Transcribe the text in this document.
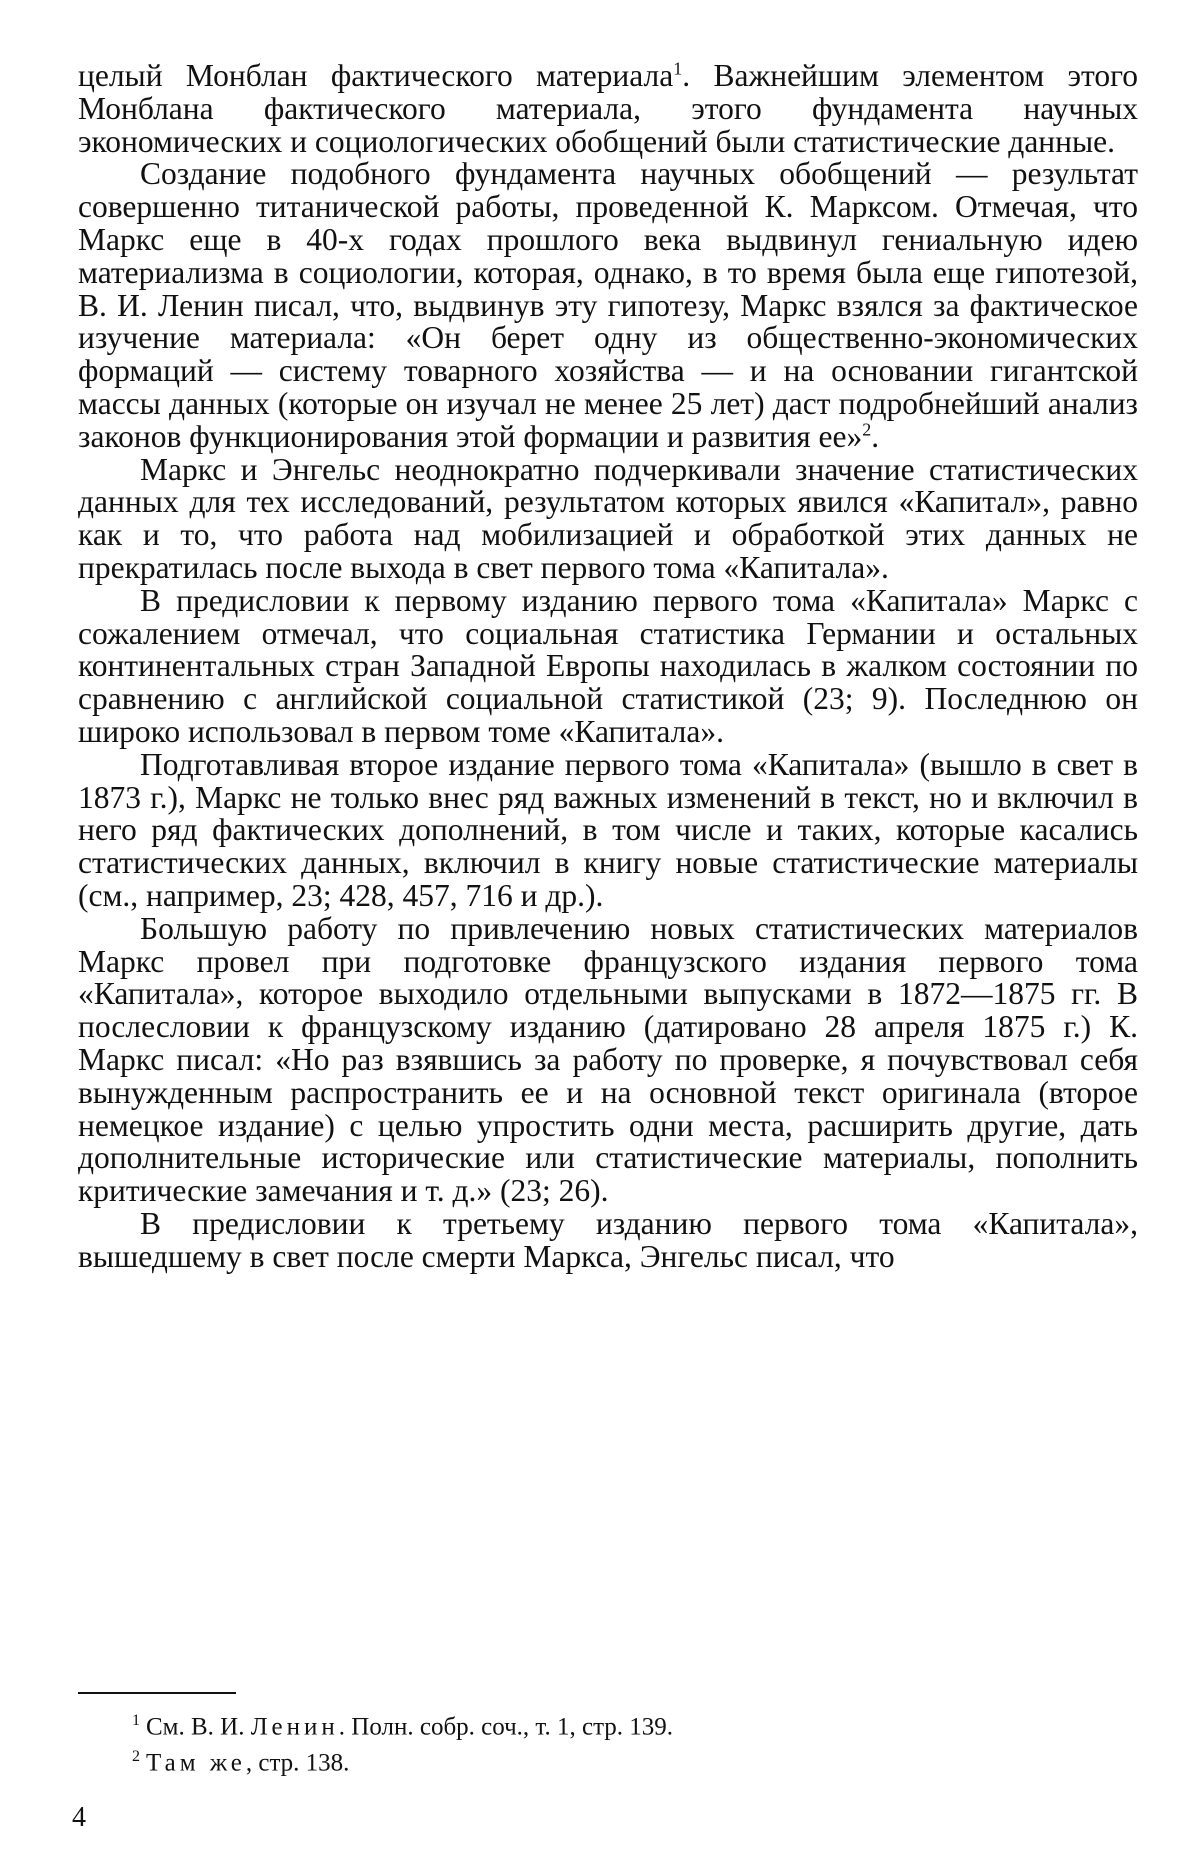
целый Монблан фактического материала$^1$. Важнейшим элементом этого Монблана фактического материала, этого фундамента научных экономических и социологических обобщений были статистические данные.

Создание подобного фундамента научных обобщений — результат совершенно титанической работы, проведенной К. Марксом. Отмечая, что Маркс еще в 40-х годах прошлого века выдвинул гениальную идею материализма в социологии, которая, однако, в то время была еще гипотезой, В. И. Ленин писал, что, выдвинув эту гипотезу, Маркс взялся за фактическое изучение материала: «Он берет одну из общественно-экономических формаций — систему товарного хозяйства — и на основании гигантской массы данных (которые он изучал не менее 25 лет) даст подробнейший анализ законов функционирования этой формации и развития ее»$^2$.

Маркс и Энгельс неоднократно подчеркивали значение статистических данных для тех исследований, результатом которых явился «Капитал», равно как и то, что работа над мобилизацией и обработкой этих данных не прекратилась после выхода в свет первого тома «Капитала».

В предисловии к первому изданию первого тома «Капитала» Маркс с сожалением отмечал, что социальная статистика Германии и остальных континентальных стран Западной Европы находилась в жалком состоянии по сравнению с английской социальной статистикой (23; 9). Последнюю он широко использовал в первом томе «Капитала».

Подготавливая второе издание первого тома «Капитала» (вышло в свет в 1873 г.), Маркс не только внес ряд важных изменений в текст, но и включил в него ряд фактических дополнений, в том числе и таких, которые касались статистических данных, включил в книгу новые статистические материалы (см., например, 23; 428, 457, 716 и др.).

Большую работу по привлечению новых статистических материалов Маркс провел при подготовке французского издания первого тома «Капитала», которое выходило отдельными выпусками в 1872—1875 гг. В послесловии к французскому изданию (датировано 28 апреля 1875 г.) К. Маркс писал: «Но раз взявшись за работу по проверке, я почувствовал себя вынужденным распространить ее и на основной текст оригинала (второе немецкое издание) с целью упростить одни места, расширить другие, дать дополнительные исторические или статистические материалы, пополнить критические замечания и т. д.» (23; 26).

В предисловии к третьему изданию первого тома «Капитала», вышедшему в свет после смерти Маркса, Энгельс писал, что

$^1$ См. В. И. Ленин. Полн. собр. соч., т. 1, стр. 139.
$^2$ Там же, стр. 138.
4
